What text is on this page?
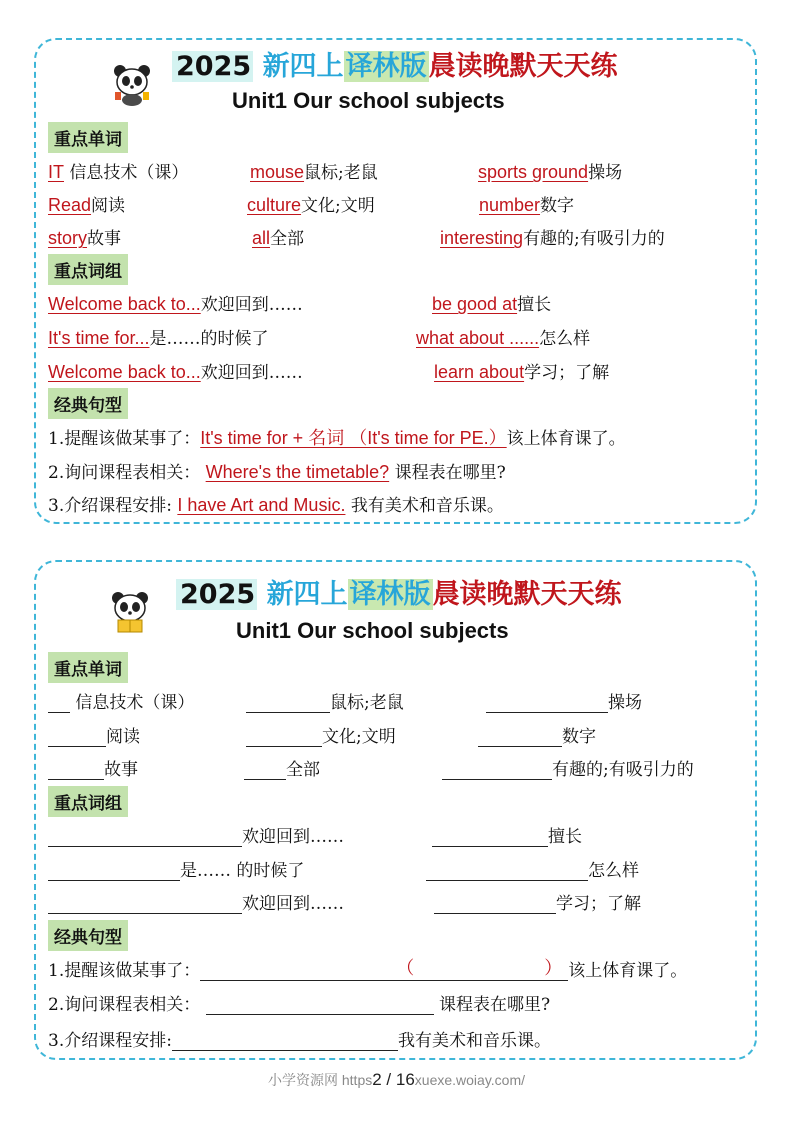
2025 新四上译林版晨读晚默天天练
Unit1 Our school subjects
重点单词
IT 信息技术（课）	mouse鼠标;老鼠	sports ground操场
Read阅读	culture文化;文明	number数字
story故事	all全部	interesting有趣的;有吸引力的
重点词组
Welcome back to...欢迎回到……	be good at擅长
It's time for...是……的时候了	what about ......怎么样
Welcome back to...欢迎回到……	learn about学习；了解
经典句型
1.提醒该做某事了：It's time for + 名词 （It's time for PE.）该上体育课了。
2.询问课程表相关： Where's the timetable? 课程表在哪里?
3.介绍课程安排: I have Art and Music. 我有美术和音乐课。
2025 新四上译林版晨读晚默天天练
Unit1 Our school subjects
重点单词
信息技术（课）	鼠标;老鼠	操场
阅读	文化;文明	数字
故事	全部	有趣的;有吸引力的
重点词组
欢迎回到……	擅长
是…… 的时候了	怎么样
欢迎回到……	学习；了解
经典句型
1.提醒该做某事了：	（	） 该上体育课了。
2.询问课程表相关：	课程表在哪里?
3.介绍课程安排:	我有美术和音乐课。
小学资源网 https2 / 16xuexe.woiay.com/
